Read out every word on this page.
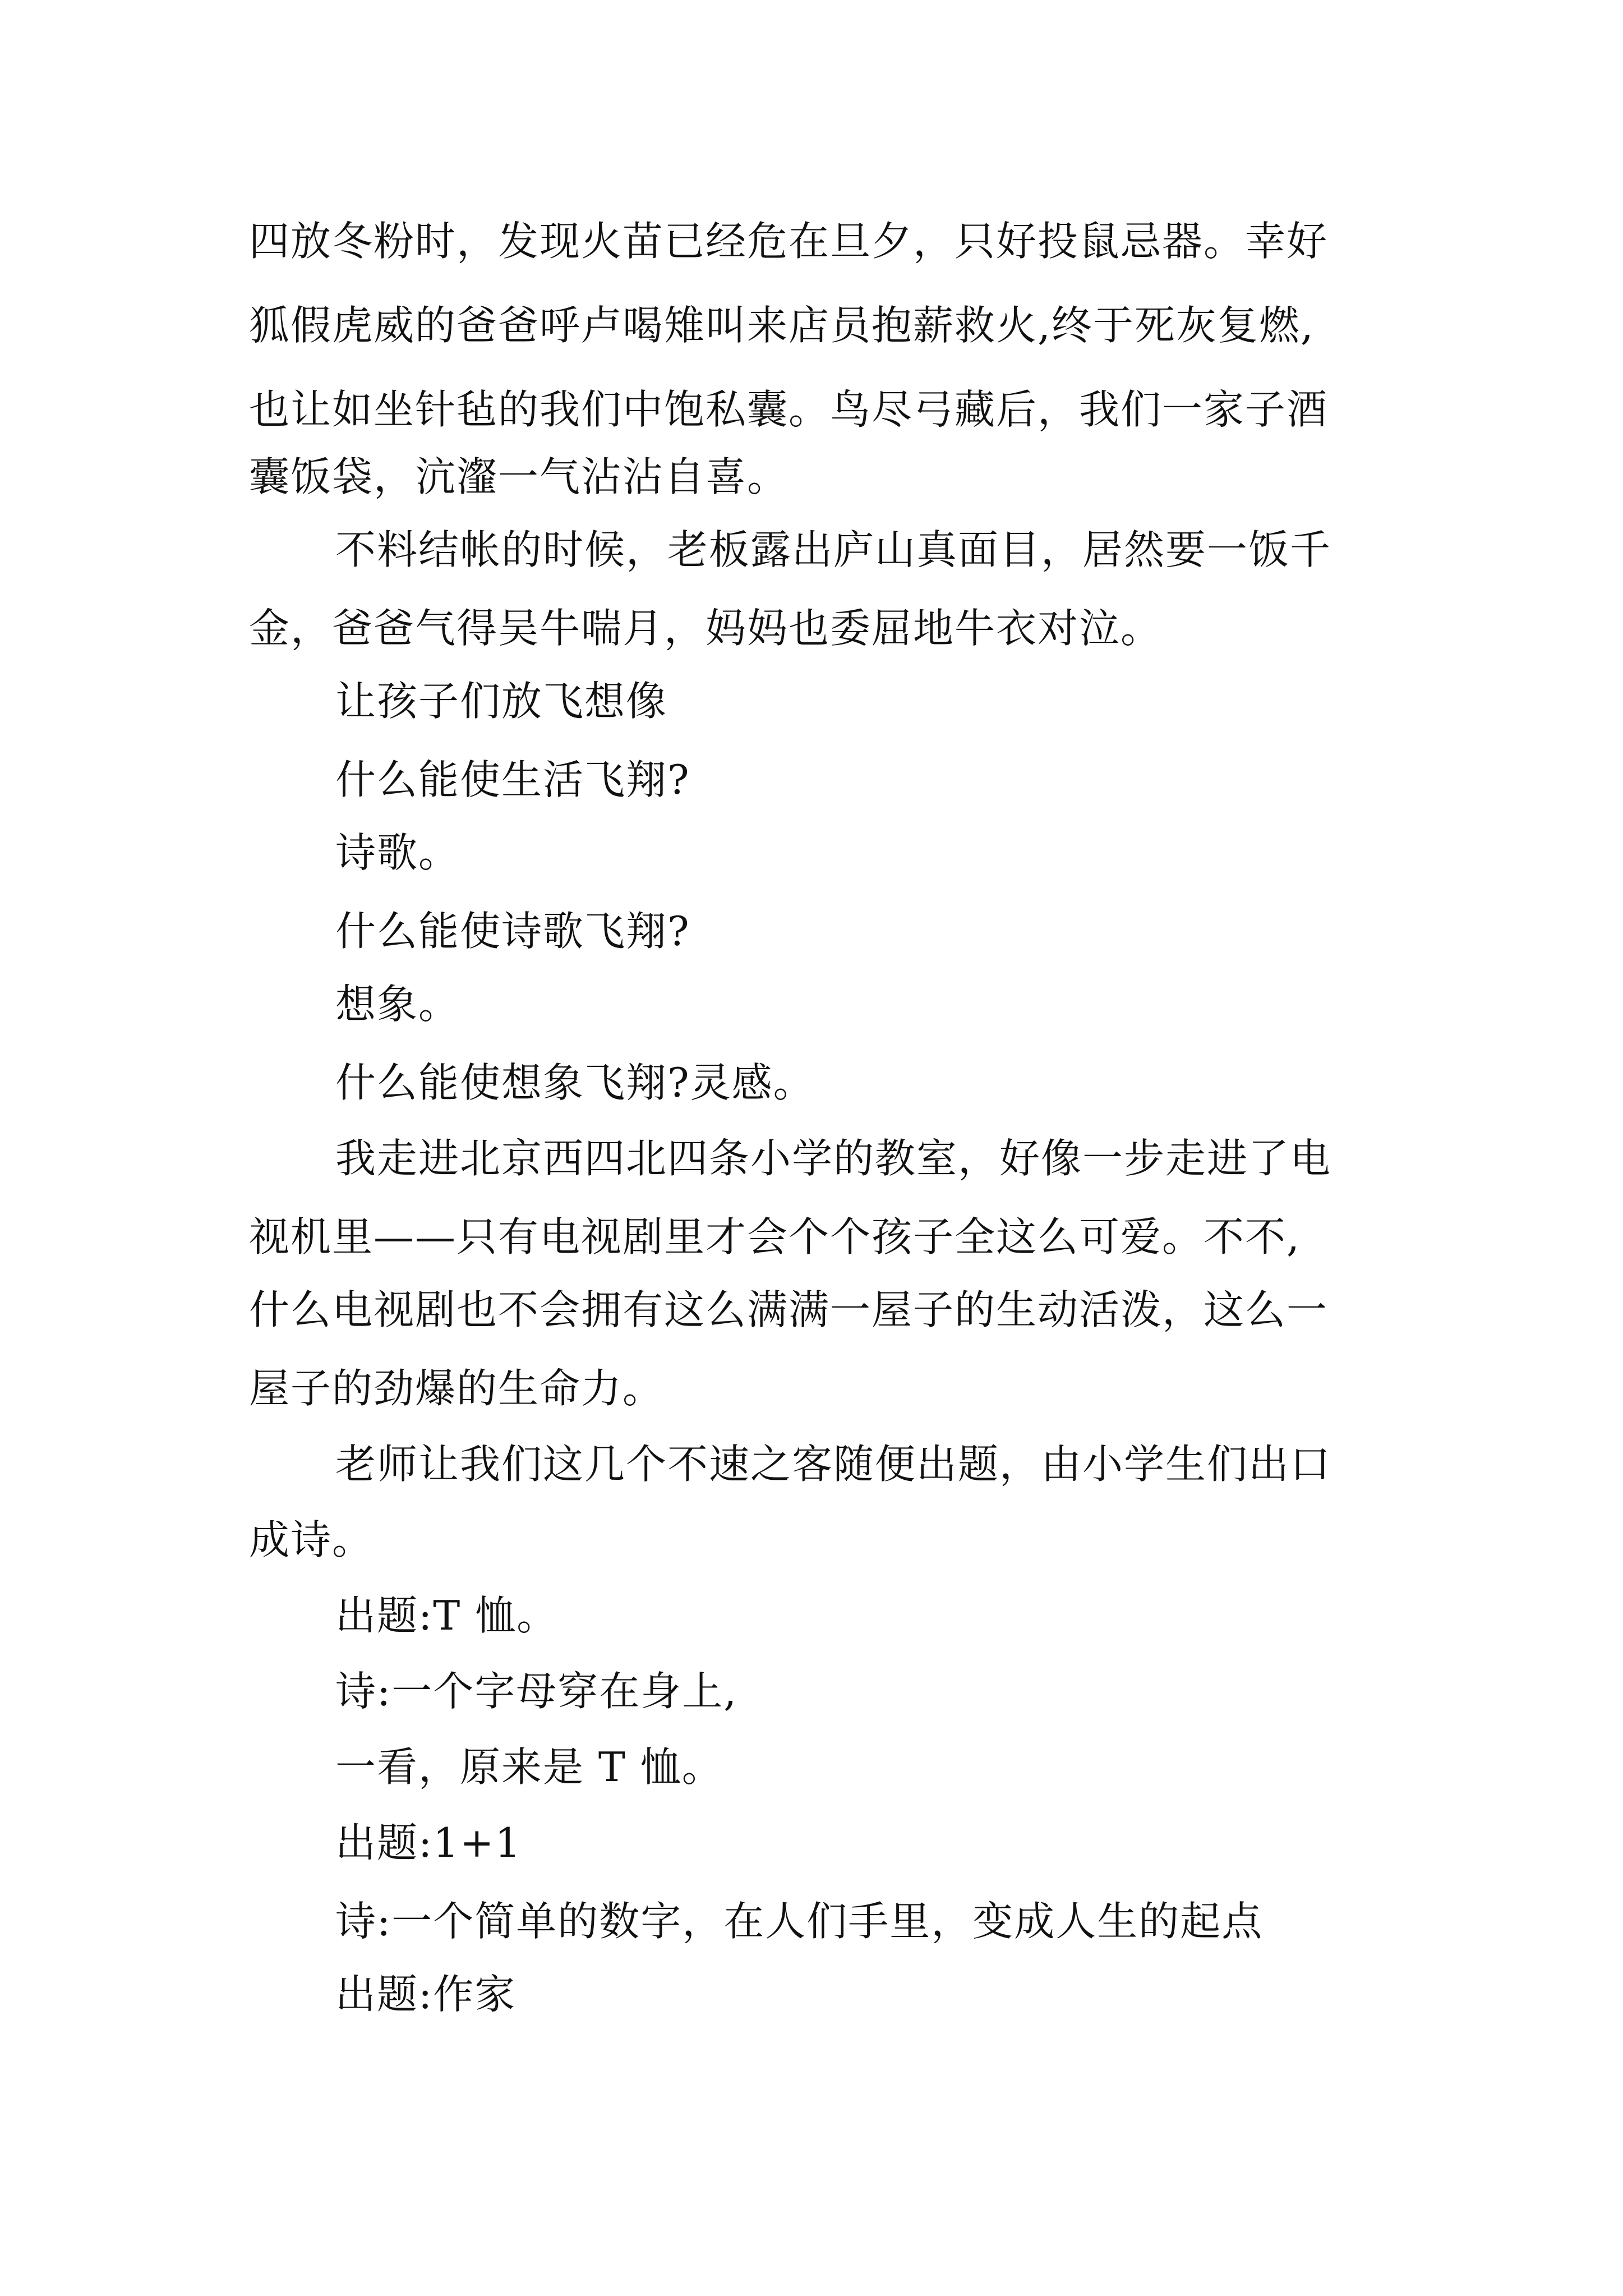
四放冬粉时，发现火苗已经危在旦夕，只好投鼠忌器。幸好
狐假虎威的爸爸呼卢喝雉叫来店员抱薪救火,终于死灰复燃,
也让如坐针毡的我们中饱私囊。鸟尽弓藏后，我们一家子酒
囊饭袋，沆瀣一气沾沾自喜。
不料结帐的时候，老板露出庐山真面目，居然要一饭千
金，爸爸气得吴牛喘月，妈妈也委屈地牛衣对泣。
让孩子们放飞想像
什么能使生活飞翔?
诗歌。
什么能使诗歌飞翔?
想象。
什么能使想象飞翔?灵感。
我走进北京西四北四条小学的教室，好像一步走进了电
视机里——只有电视剧里才会个个孩子全这么可爱。不不,
什么电视剧也不会拥有这么满满一屋子的生动活泼，这么一
屋子的劲爆的生命力。
老师让我们这几个不速之客随便出题，由小学生们出口
成诗。
出题:T 恤。
诗:一个字母穿在身上,
一看，原来是 T 恤。
出题:1+1
诗:一个简单的数字，在人们手里，变成人生的起点
出题:作家
